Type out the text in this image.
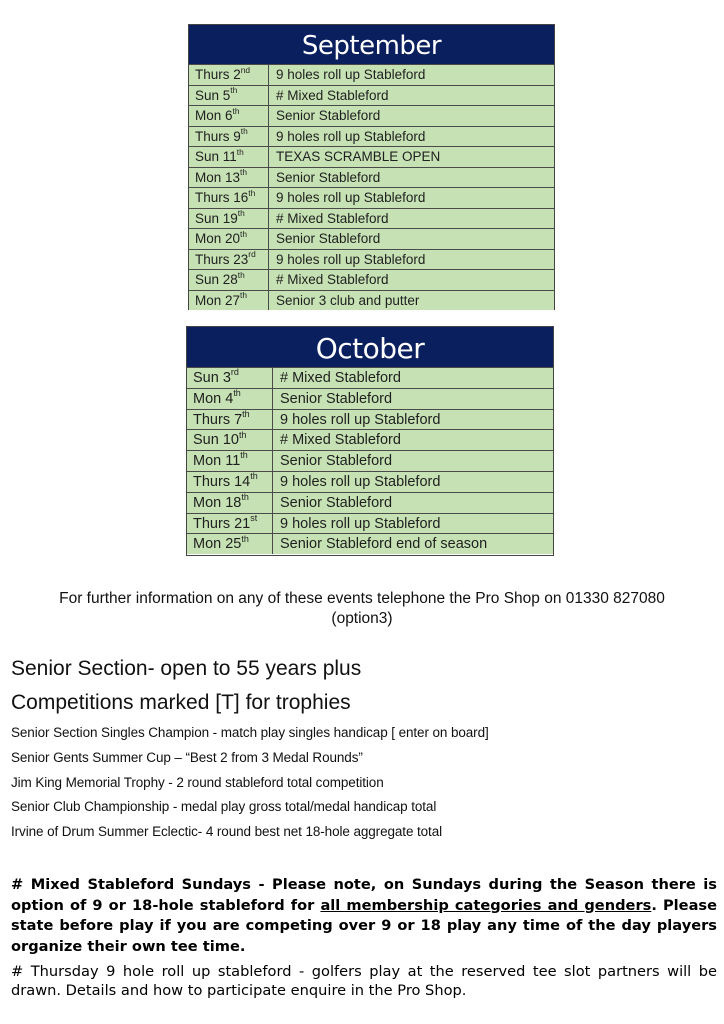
September
Thurs 2nd	9 holes roll up Stableford
Sun 5th	# Mixed Stableford
Mon 6th	Senior Stableford
Thurs 9th	9 holes roll up Stableford
Sun 11th	TEXAS SCRAMBLE OPEN
Mon 13th	Senior Stableford
Thurs 16th	9 holes roll up Stableford
Sun 19th	# Mixed Stableford
Mon 20th	Senior Stableford
Thurs 23rd	9 holes roll up Stableford
Sun 28th	# Mixed Stableford
Mon 27th	Senior 3 club and putter
October
Sun 3rd	# Mixed Stableford
Mon 4th	Senior Stableford
Thurs 7th	9 holes roll up Stableford
Sun 10th	# Mixed Stableford
Mon 11th	Senior Stableford
Thurs 14th	9 holes roll up Stableford
Mon 18th	Senior Stableford
Thurs 21st	9 holes roll up Stableford
Mon 25th	Senior Stableford end of season
For further information on any of these events telephone the Pro Shop on 01330 827080
(option3)
Senior Section- open to 55 years plus
Competitions marked [T] for trophies
Senior Section Singles Champion - match play singles handicap [ enter on board]
Senior Gents Summer Cup – “Best 2 from 3 Medal Rounds”
Jim King Memorial Trophy - 2 round stableford total competition
Senior Club Championship - medal play gross total/medal handicap total
Irvine of Drum Summer Eclectic- 4 round best net 18-hole aggregate total
# Mixed Stableford Sundays - Please note, on Sundays during the Season there is option of 9 or 18-hole stableford for all membership categories and genders. Please state before play if you are competing over 9 or 18 play any time of the day players organize their own tee time.
# Thursday 9 hole roll up stableford - golfers play at the reserved tee slot partners will be drawn. Details and how to participate enquire in the Pro Shop.
